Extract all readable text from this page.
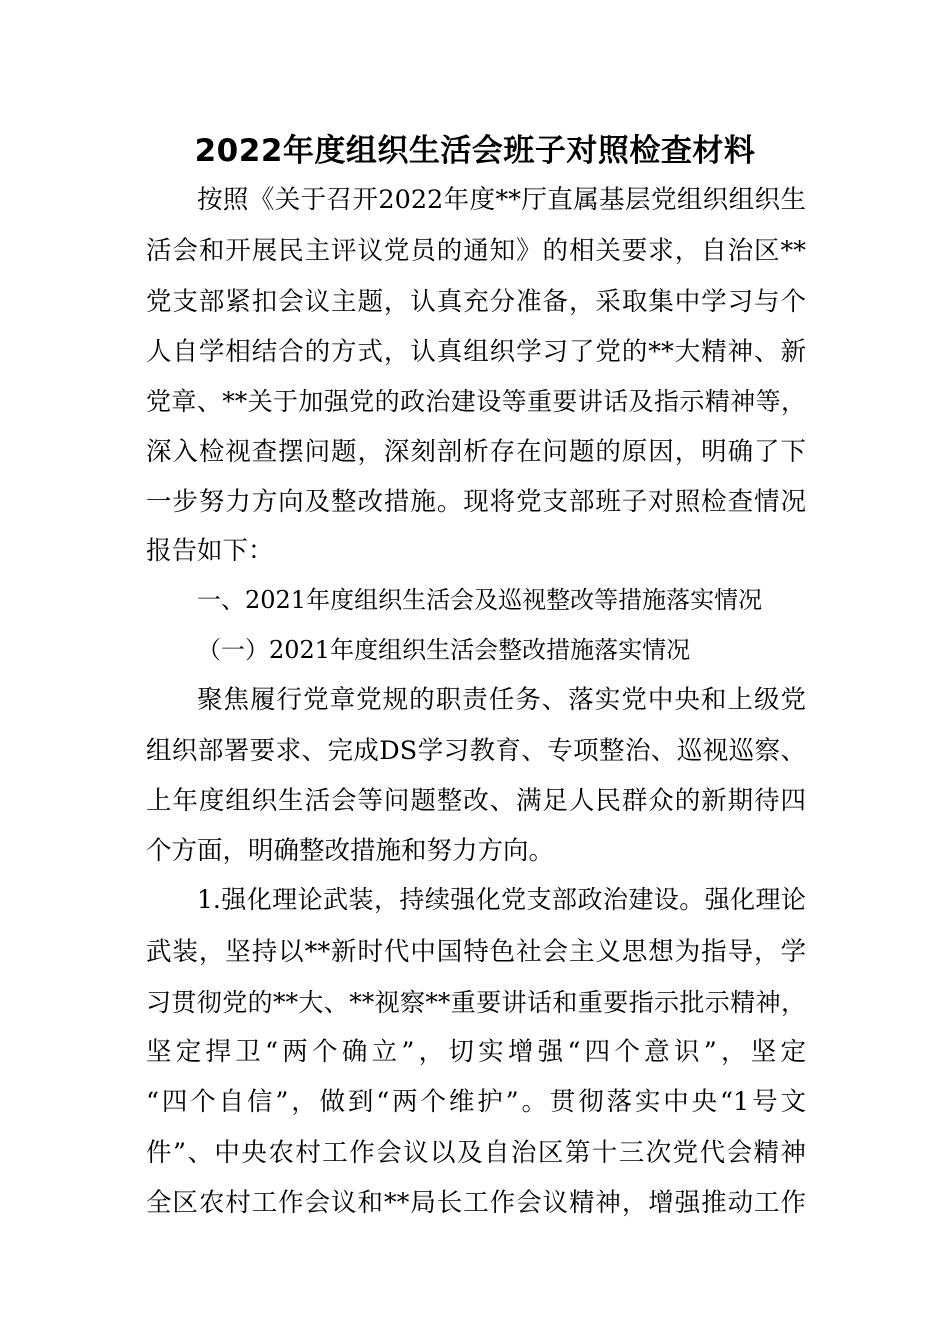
2022年度组织生活会班子对照检查材料
按照《关于召开2022年度**厅直属基层党组织组织生
活会和开展民主评议党员的通知》的相关要求，自治区**
党支部紧扣会议主题，认真充分准备，采取集中学习与个
人自学相结合的方式，认真组织学习了党的**大精神、新
党章、**关于加强党的政治建设等重要讲话及指示精神等，
深入检视查摆问题，深刻剖析存在问题的原因，明确了下
一步努力方向及整改措施。现将党支部班子对照检查情况
报告如下：
一、2021年度组织生活会及巡视整改等措施落实情况
（一）2021年度组织生活会整改措施落实情况
聚焦履行党章党规的职责任务、落实党中央和上级党
组织部署要求、完成DS学习教育、专项整治、巡视巡察、
上年度组织生活会等问题整改、满足人民群众的新期待四
个方面，明确整改措施和努力方向。
1.强化理论武装，持续强化党支部政治建设。强化理论
武装，坚持以**新时代中国特色社会主义思想为指导，学
习贯彻党的**大、**视察**重要讲话和重要指示批示精神，
坚定捍卫“两个确立”，切实增强“四个意识”，坚定
“四个自信”，做到“两个维护”。贯彻落实中央“1号文
件”、中央农村工作会议以及自治区第十三次党代会精神
全区农村工作会议和**局长工作会议精神，增强推动工作
